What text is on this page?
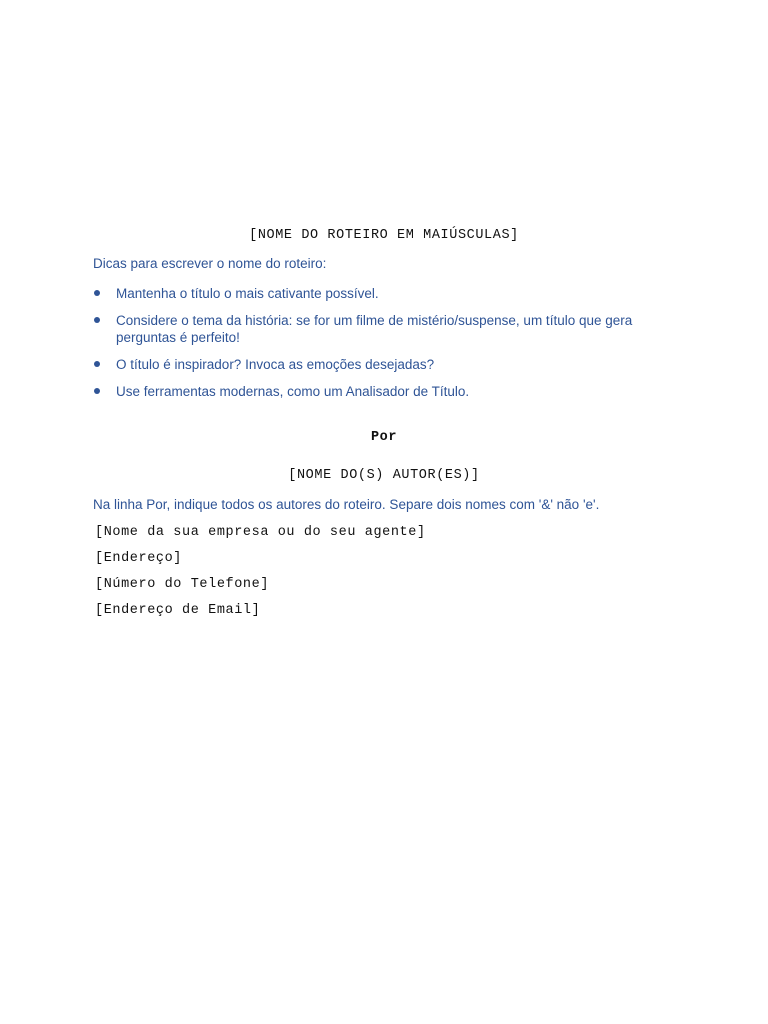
[NOME DO ROTEIRO EM MAIÚSCULAS]
Dicas para escrever o nome do roteiro:
Mantenha o título o mais cativante possível.
Considere o tema da história: se for um filme de mistério/suspense, um título que gera perguntas é perfeito!
O título é inspirador? Invoca as emoções desejadas?
Use ferramentas modernas, como um Analisador de Título.
Por
[NOME DO(S) AUTOR(ES)]
Na linha Por, indique todos os autores do roteiro. Separe dois nomes com '&' não 'e'.

[Nome da sua empresa ou do seu agente]

[Endereço]

[Número do Telefone]

[Endereço de Email]
